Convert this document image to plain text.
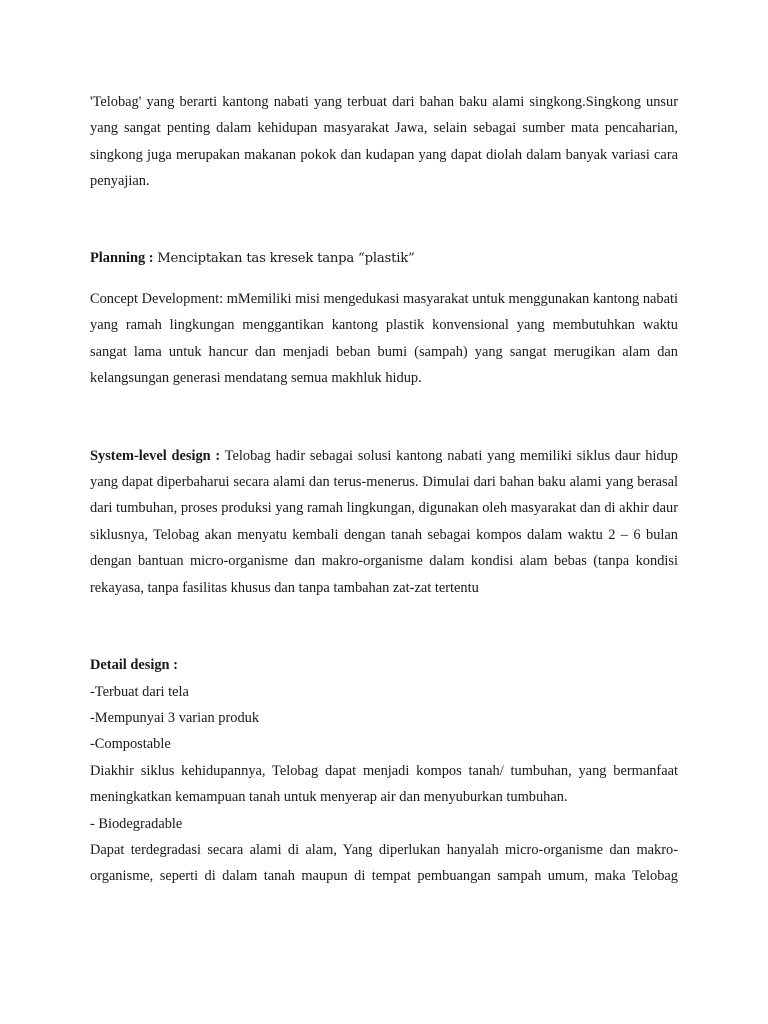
'Telobag' yang berarti kantong nabati yang terbuat dari bahan baku alami singkong.Singkong unsur yang sangat penting dalam kehidupan masyarakat Jawa, selain sebagai sumber mata pencaharian, singkong juga merupakan makanan pokok dan kudapan yang dapat diolah dalam banyak variasi cara penyajian.

Planning : Menciptakan tas kresek tanpa “plastik”

Concept Development: mMemiliki misi mengedukasi masyarakat untuk menggunakan kantong nabati yang ramah lingkungan menggantikan kantong plastik konvensional yang membutuhkan waktu sangat lama untuk hancur dan menjadi beban bumi (sampah) yang sangat merugikan alam dan kelangsungan generasi mendatang semua makhluk hidup.

System-level design : Telobag hadir sebagai solusi kantong nabati yang memiliki siklus daur hidup yang dapat diperbaharui secara alami dan terus-menerus. Dimulai dari bahan baku alami yang berasal dari tumbuhan, proses produksi yang ramah lingkungan, digunakan oleh masyarakat dan di akhir daur siklusnya, Telobag akan menyatu kembali dengan tanah sebagai kompos dalam waktu 2 – 6 bulan dengan bantuan micro-organisme dan makro-organisme dalam kondisi alam bebas (tanpa kondisi rekayasa, tanpa fasilitas khusus dan tanpa tambahan zat-zat tertentu

Detail design :

-Terbuat dari tela

-Mempunyai 3 varian produk

-Compostable

Diakhir siklus kehidupannya, Telobag dapat menjadi kompos tanah/ tumbuhan, yang bermanfaat meningkatkan kemampuan tanah untuk menyerap air dan menyuburkan tumbuhan.

- Biodegradable

Dapat terdegradasi secara alami di alam, Yang diperlukan hanyalah micro-organisme dan makro-organisme, seperti di dalam tanah maupun di tempat pembuangan sampah umum, maka Telobag
